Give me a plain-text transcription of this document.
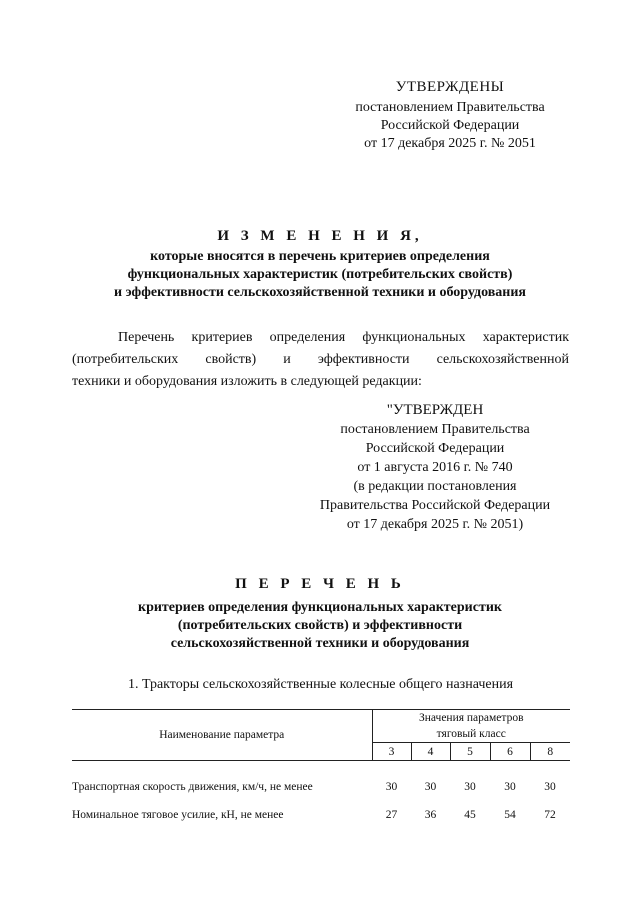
УТВЕРЖДЕНЫ
постановлением Правительства
Российской Федерации
от 17 декабря 2025 г. № 2051
И З М Е Н Е Н И Я,
которые вносятся в перечень критериев определения
функциональных характеристик (потребительских свойств)
и эффективности сельскохозяйственной техники и оборудования
Перечень критериев определения функциональных характеристик
(потребительских свойств) и эффективности сельскохозяйственной
техники и оборудования изложить в следующей редакции:
"УТВЕРЖДЕН
постановлением Правительства
Российской Федерации
от 1 августа 2016 г. № 740
(в редакции постановления
Правительства Российской Федерации
от 17 декабря 2025 г. № 2051)
П Е Р Е Ч Е Н Ь
критериев определения функциональных характеристик
(потребительских свойств) и эффективности
сельскохозяйственной техники и оборудования
1. Тракторы сельскохозяйственные колесные общего назначения
Наименование параметра	Значения параметров				
	тяговый класс				
	3	4	5	6	8

Транспортная скорость движения, км/ч, не менее	30	30	30	30	30
Номинальное тяговое усилие, кН, не менее	27	36	45	54	72
